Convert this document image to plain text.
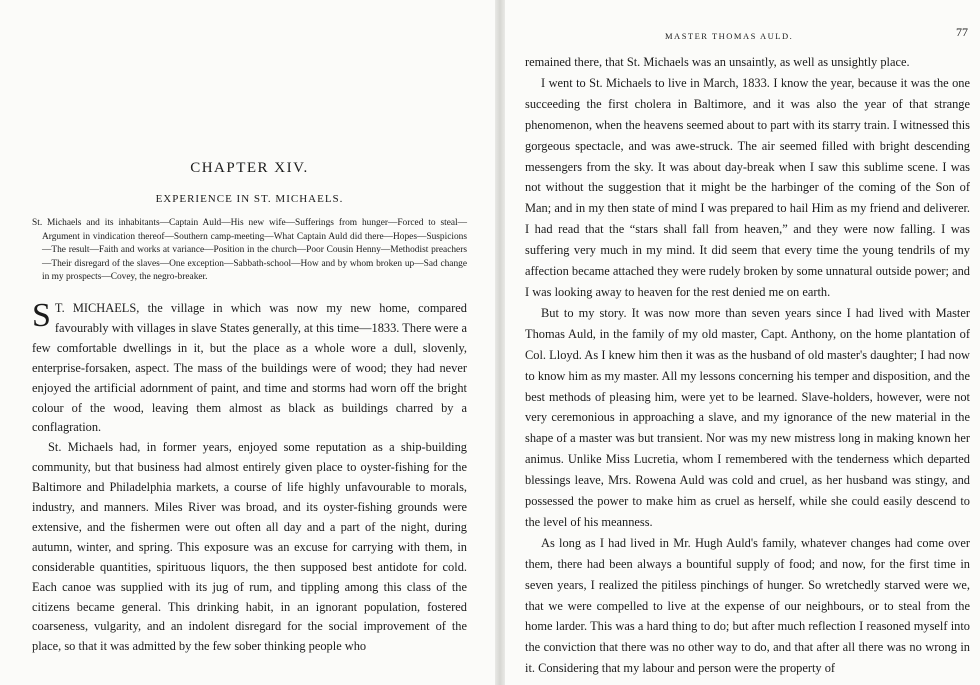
CHAPTER XIV.
EXPERIENCE IN ST. MICHAELS.
St. Michaels and its inhabitants—Captain Auld—His new wife—Sufferings from hunger—Forced to steal—Argument in vindication thereof—Southern camp-meeting—What Captain Auld did there—Hopes—Suspicions—The result—Faith and works at variance—Position in the church—Poor Cousin Henny—Methodist preachers—Their disregard of the slaves—One exception—Sabbath-school—How and by whom broken up—Sad change in my prospects—Covey, the negro-breaker.

S T. MICHAELS, the village in which was now my new home, compared favourably with villages in slave States generally, at this time—1833. There were a few comfortable dwellings in it, but the place as a whole wore a dull, slovenly, enterprise-forsaken, aspect. The mass of the buildings were of wood; they had never enjoyed the artificial adornment of paint, and time and storms had worn off the bright colour of the wood, leaving them almost as black as buildings charred by a conflagration.

St. Michaels had, in former years, enjoyed some reputation as a ship-building community, but that business had almost entirely given place to oyster-fishing for the Baltimore and Philadelphia markets, a course of life highly unfavourable to morals, industry, and manners. Miles River was broad, and its oyster-fishing grounds were extensive, and the fishermen were out often all day and a part of the night, during autumn, winter, and spring. This exposure was an excuse for carrying with them, in considerable quantities, spirituous liquors, the then supposed best antidote for cold. Each canoe was supplied with its jug of rum, and tippling among this class of the citizens became general. This drinking habit, in an ignorant population, fostered coarseness, vulgarity, and an indolent disregard for the social improvement of the place, so that it was admitted by the few sober thinking people who

MASTER THOMAS AULD.	77

remained there, that St. Michaels was an unsaintly, as well as unsightly place.

I went to St. Michaels to live in March, 1833. I know the year, because it was the one succeeding the first cholera in Baltimore, and it was also the year of that strange phenomenon, when the heavens seemed about to part with its starry train. I witnessed this gorgeous spectacle, and was awe-struck. The air seemed filled with bright descending messengers from the sky. It was about day-break when I saw this sublime scene. I was not without the suggestion that it might be the harbinger of the coming of the Son of Man; and in my then state of mind I was prepared to hail Him as my friend and deliverer. I had read that the “stars shall fall from heaven,” and they were now falling. I was suffering very much in my mind. It did seem that every time the young tendrils of my affection became attached they were rudely broken by some unnatural outside power; and I was looking away to heaven for the rest denied me on earth.

But to my story. It was now more than seven years since I had lived with Master Thomas Auld, in the family of my old master, Capt. Anthony, on the home plantation of Col. Lloyd. As I knew him then it was as the husband of old master's daughter; I had now to know him as my master. All my lessons concerning his temper and disposition, and the best methods of pleasing him, were yet to be learned. Slave-holders, however, were not very ceremonious in approaching a slave, and my ignorance of the new material in the shape of a master was but transient. Nor was my new mistress long in making known her animus. Unlike Miss Lucretia, whom I remembered with the tenderness which departed blessings leave, Mrs. Rowena Auld was cold and cruel, as her husband was stingy, and possessed the power to make him as cruel as herself, while she could easily descend to the level of his meanness.

As long as I had lived in Mr. Hugh Auld's family, whatever changes had come over them, there had been always a bountiful supply of food; and now, for the first time in seven years, I realized the pitiless pinchings of hunger. So wretchedly starved were we, that we were compelled to live at the expense of our neighbours, or to steal from the home larder. This was a hard thing to do; but after much reflection I reasoned myself into the conviction that there was no other way to do, and that after all there was no wrong in it. Considering that my labour and person were the property of
